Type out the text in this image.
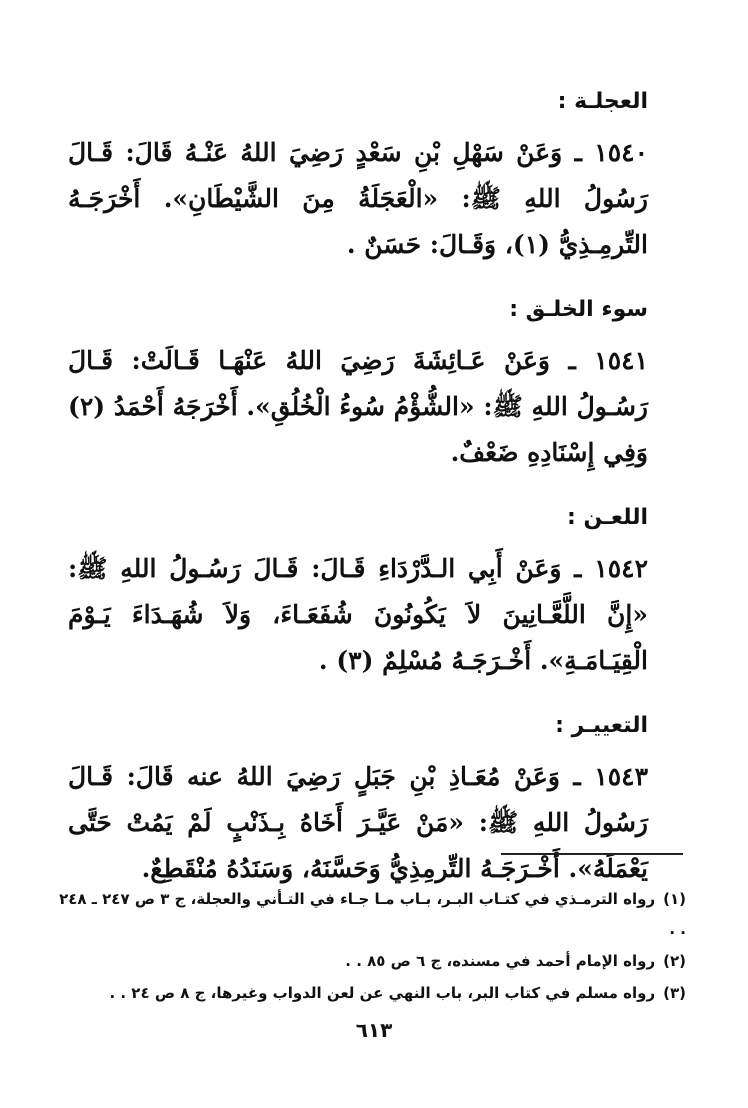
العجلـة :

١٥٤٠ ـ وَعَنْ سَهْلِ بْنِ سَعْدٍ رَضِيَ اللهُ عَنْـهُ قَالَ: قَـالَ رَسُولُ اللهِ ﷺ: «الْعَجَلَةُ مِنَ الشَّيْطَانِ». أَخْرَجَـهُ التِّرمِـذِيُّ (١)، وَقَـالَ: حَسَنٌ .

سوء الخلـق :

١٥٤١ ـ وَعَنْ عَـائِشَةَ رَضِيَ اللهُ عَنْهَـا قَـالَتْ: قَـالَ رَسُـولُ اللهِ ﷺ: «الشُّؤْمُ سُوءُ الْخُلُقِ». أَخْرَجَهُ أَحْمَدُ (٢) وَفِي إِسْنَادِهِ ضَعْفٌ.

اللعـن :

١٥٤٢ ـ وَعَنْ أَبِي الـدَّرْدَاءِ قَـالَ: قَـالَ رَسُـولُ اللهِ ﷺ: «إِنَّ اللَّعَّـانِينَ لاَ يَكُونُونَ شُفَعَـاءَ، وَلاَ شُهَـدَاءَ يَـوْمَ الْقِيَـامَـةِ». أَخْـرَجَـهُ مُسْلِمٌ (٣) .

التعييـر :

١٥٤٣ ـ وَعَنْ مُعَـاذِ بْنِ جَبَلٍ رَضِيَ اللهُ عنه قَالَ: قَـالَ رَسُولُ اللهِ ﷺ: «مَنْ عَيَّـرَ أَخَاهُ بِـذَنْبٍ لَمْ يَمُتْ حَتَّى يَعْمَلَهُ». أَخْـرَجَـهُ التِّرمِذِيُّ وَحَسَّنَهُ، وَسَنَدُهُ مُنْقَطِعٌ.

(١)رواه الترمـذي في كتـاب البـر، بـاب مـا جـاء في التـأني والعجلة، ج ٣ ص ٢٤٧ ـ ٢٤٨ . .

(٢)رواه الإمام أحمد في مسنده، ج ٦ ص ٨٥ . .

(٣)رواه مسلم في كتاب البر، باب النهي عن لعن الدواب وغيرها، ج ٨ ص ٢٤ . .

٦١٣
